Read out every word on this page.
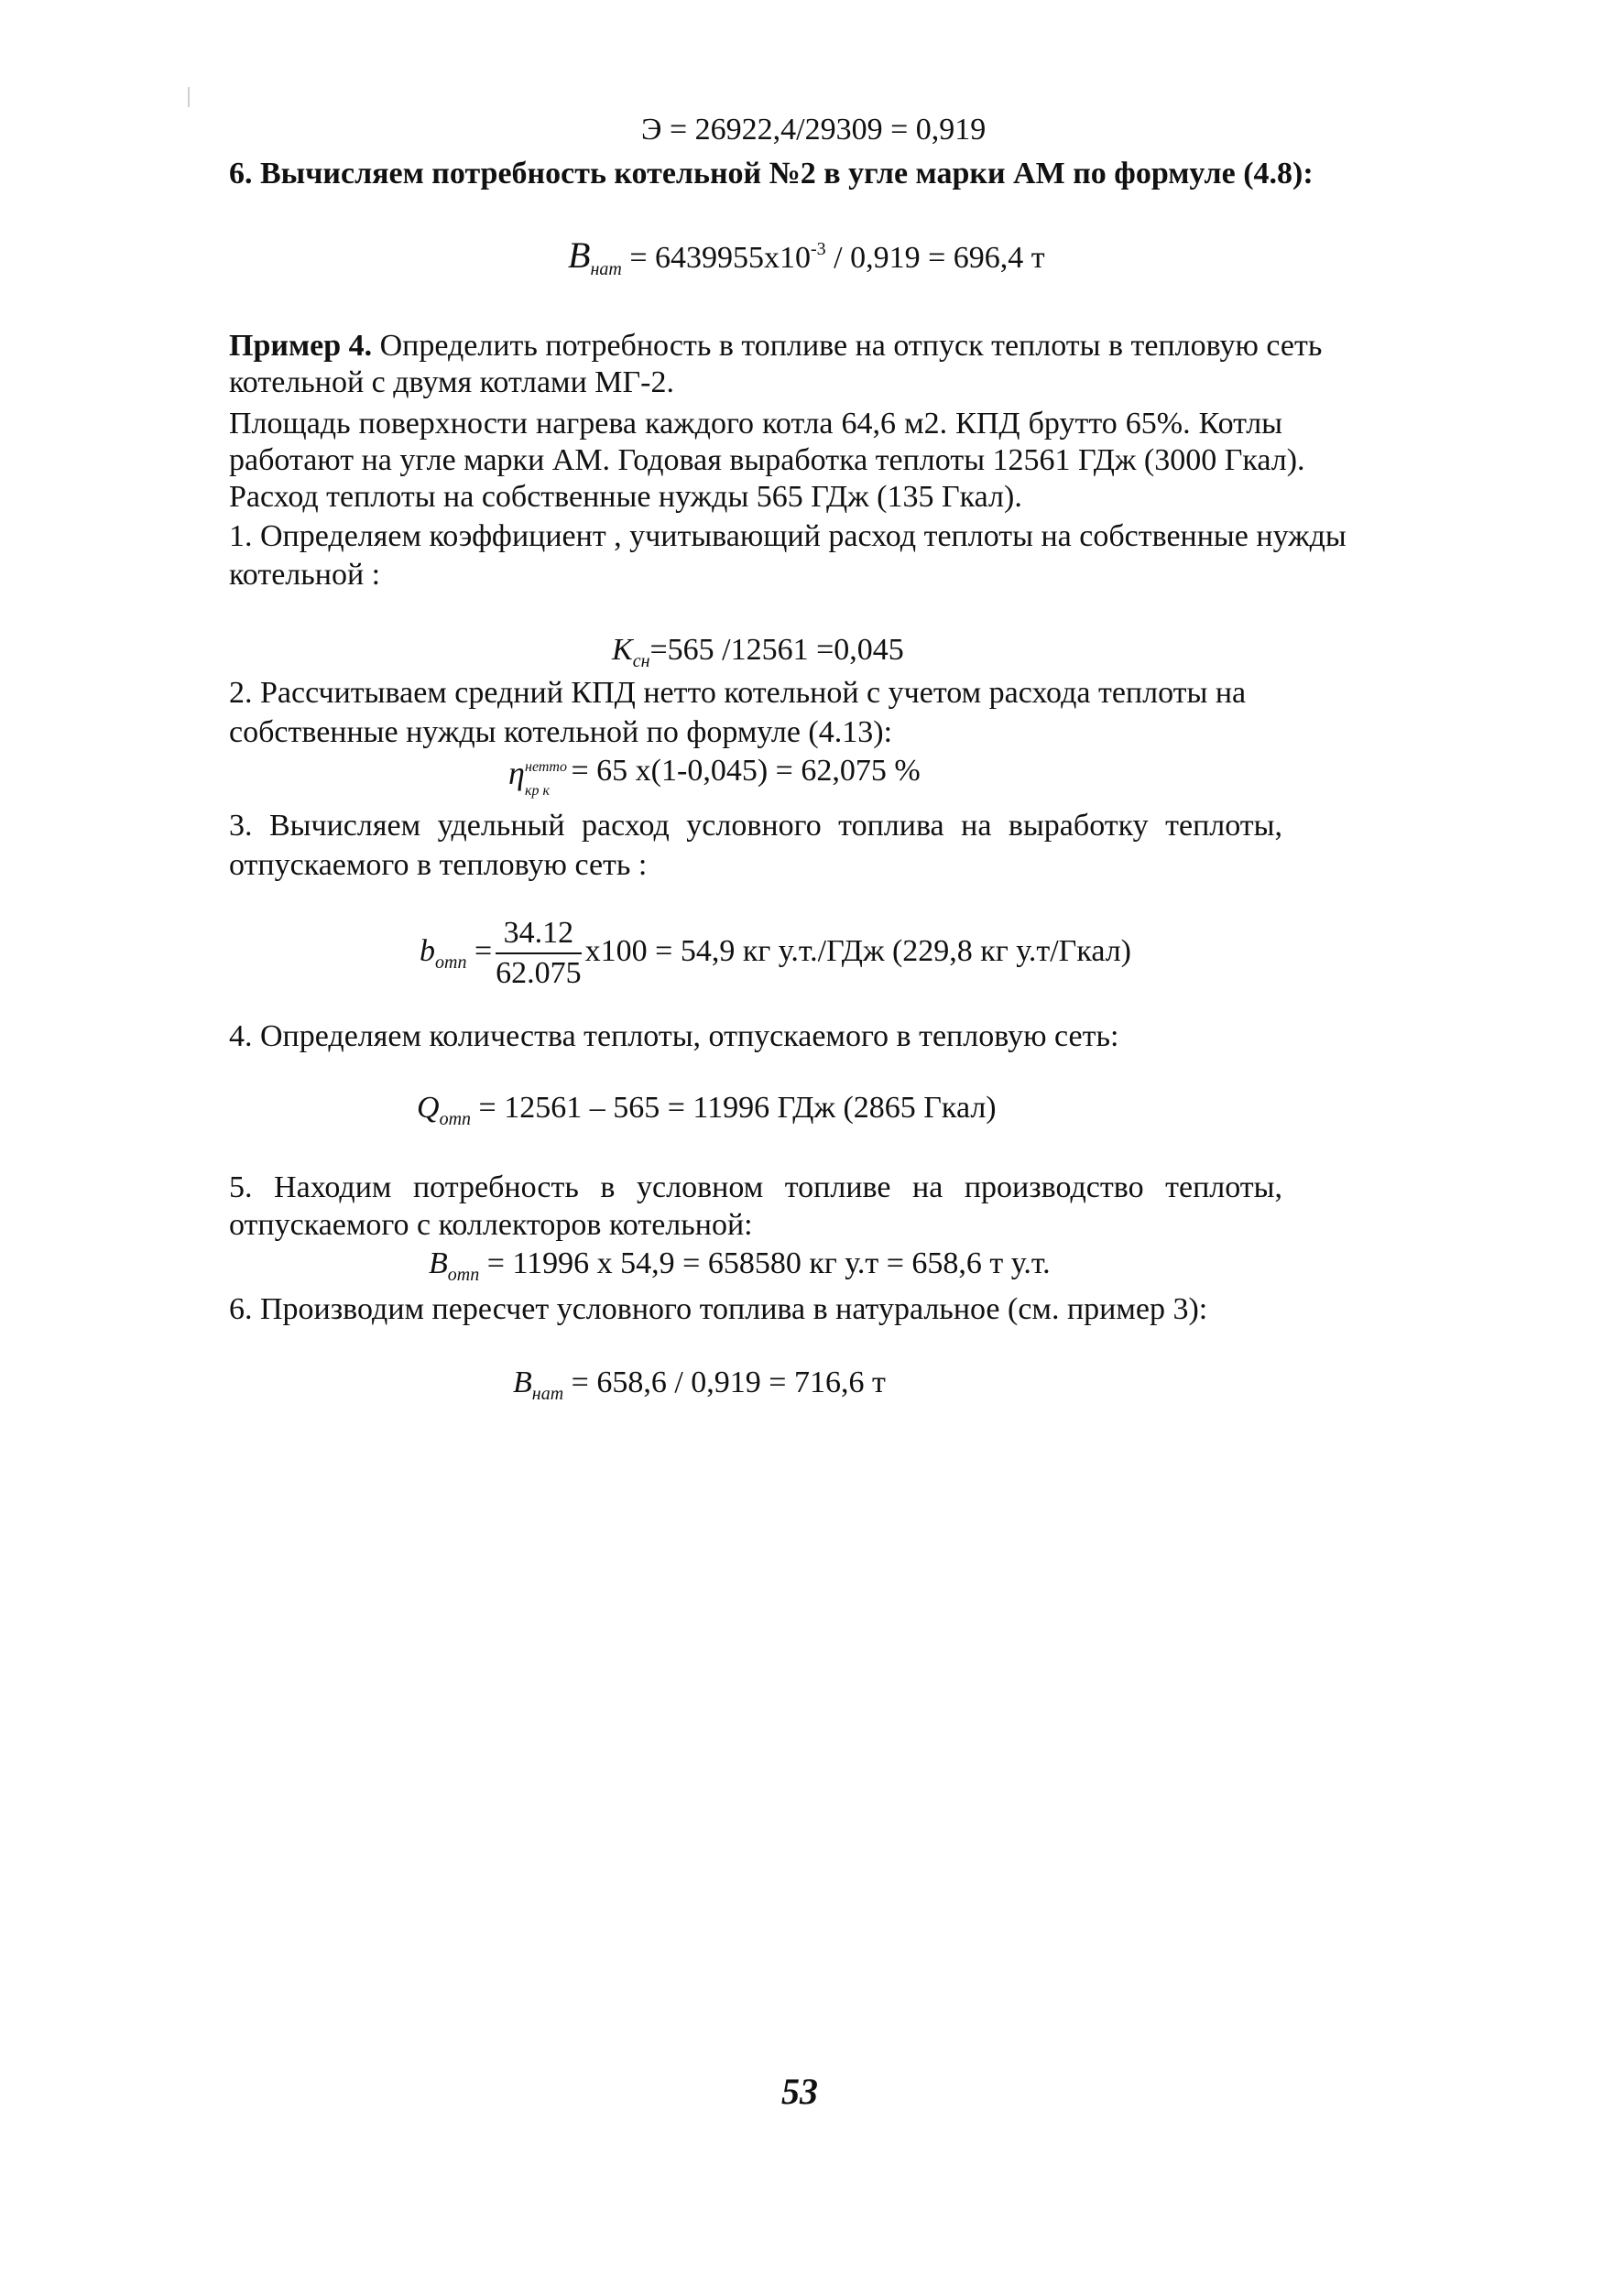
Э = 26922,4/29309 = 0,919
6. Вычисляем потребность котельной №2 в угле марки АМ по формуле (4.8):
$B_{нат} = 6439955x10^{-3} / 0,919 = 696,4$ т
Пример 4. Определить потребность в топливе на отпуск теплоты в тепловую сеть
котельной с двумя котлами МГ-2.
Площадь поверхности нагрева каждого котла 64,6 м2. КПД брутто 65%. Котлы
работают на угле марки АМ. Годовая выработка теплоты 12561 ГДж (3000 Гкал).
Расход теплоты на собственные нужды 565 ГДж (135 Гкал).
1. Определяем коэффициент , учитывающий расход теплоты на собственные нужды
котельной :
$K_{сн}=565$ /12561 =0,045
2. Рассчитываем средний КПД нетто котельной с учетом расхода теплоты на
собственные нужды котельной по формуле (4.13):
η нетто
кр к
= 65 x(1-0,045) = 62,075 %
3. Вычисляем удельный расход условного топлива на выработку теплоты,
отпускаемого в тепловую сеть :
$b_{отп} = \frac{34.12}{62.075} x100 = 54,9$ кг у.т./ГДж (229,8 кг у.т/Гкал)
4. Определяем количества теплоты, отпускаемого в тепловую сеть:
$Q_{отп} = 12561 - 565 = 11996$ ГДж (2865 Гкал)
5. Находим потребность в условном топливе на производство теплоты,
отпускаемого с коллекторов котельной:
$B_{отп} = 11996$ x 54,9 = 658580 кг у.т = 658,6 т у.т.
6. Производим пересчет условного топлива в натуральное (см. пример 3):
$B_{нат} = 658,6 / 0,919 = 716,6$ т
53
